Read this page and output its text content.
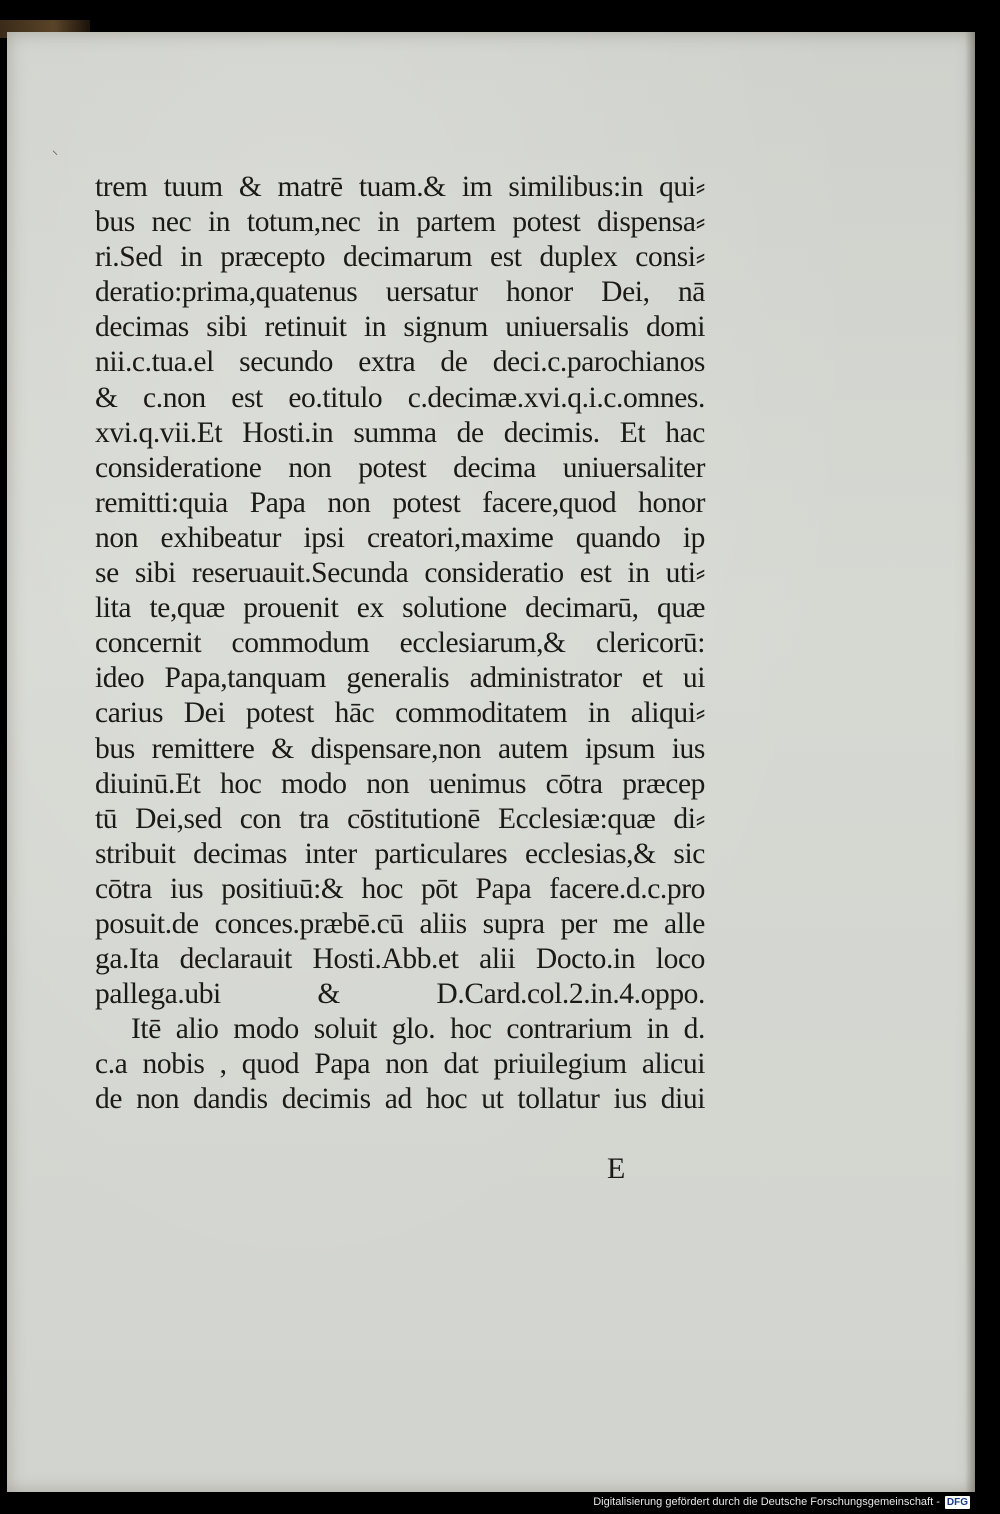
⸜
trem tuum & matrē tuam.& im similibus:in qui⸗
bus nec in totum,nec in partem potest dispensa⸗
ri.Sed in præcepto decimarum est duplex consi⸗
deratio:prima,quatenus uersatur honor Dei, nā
decimas sibi retinuit in signum uniuersalis domi
nii.c.tua.el secundo extra de deci.c.parochianos
& c.non est eo.titulo c.decimæ.xvi.q.i.c.omnes.
xvi.q.vii.Et Hosti.in summa de decimis. Et hac
consideratione non potest decima uniuersaliter
remitti:quia Papa non potest facere,quod honor
non exhibeatur ipsi creatori,maxime quando ip
se sibi reseruauit.Secunda consideratio est in uti⸗
lita te,quæ prouenit ex solutione decimarū, quæ
concernit commodum ecclesiarum,& clericorū:
ideo Papa,tanquam generalis administrator et ui
carius Dei potest hāc commoditatem in aliqui⸗
bus remittere & dispensare,non autem ipsum ius
diuinū.Et hoc modo non uenimus cōtra præcep
tū Dei,sed con tra cōstitutionē Ecclesiæ:quæ di⸗
stribuit decimas inter particulares ecclesias,& sic
cōtra ius positiuū:& hoc pōt Papa facere.d.c.pro
posuit.de conces.præbē.cū aliis supra per me alle
ga.Ita declarauit Hosti.Abb.et alii Docto.in loco
pallega.ubi & D.Card.col.2.in.4.oppo.
Itē alio modo soluit glo. hoc contrarium in d.
c.a nobis , quod Papa non dat priuilegium alicui
de non dandis decimis ad hoc ut tollatur ius diui
E
Digitalisierung gefördert durch die Deutsche Forschungsgemeinschaft - DFG
